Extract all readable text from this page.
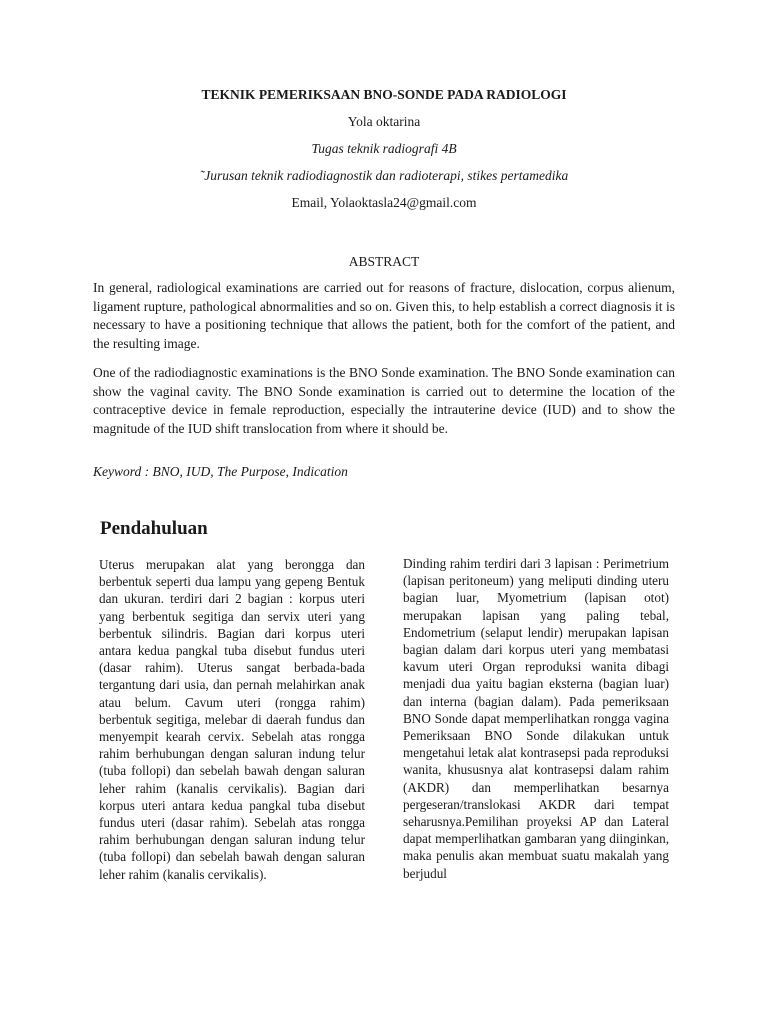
TEKNIK PEMERIKSAAN BNO-SONDE PADA RADIOLOGI
Yola oktarina
Tugas teknik radiografi 4B
˜Jurusan teknik radiodiagnostik dan radioterapi, stikes pertamedika
Email, Yolaoktasla24@gmail.com
ABSTRACT

In general, radiological examinations are carried out for reasons of fracture, dislocation, corpus alienum, ligament rupture, pathological abnormalities and so on. Given this, to help establish a correct diagnosis it is necessary to have a positioning technique that allows the patient, both for the comfort of the patient, and the resulting image.

One of the radiodiagnostic examinations is the BNO Sonde examination. The BNO Sonde examination can show the vaginal cavity. The BNO Sonde examination is carried out to determine the location of the contraceptive device in female reproduction, especially the intrauterine device (IUD) and to show the magnitude of the IUD shift translocation from where it should be.

Keyword : BNO, IUD, The Purpose, Indication
Pendahuluan

Uterus merupakan alat yang berongga dan berbentuk seperti dua lampu yang gepeng Bentuk dan ukuran. terdiri dari 2 bagian : korpus uteri yang berbentuk segitiga dan servix uteri yang berbentuk silindris. Bagian dari korpus uteri antara kedua pangkal tuba disebut fundus uteri (dasar rahim). Uterus sangat berbada-bada tergantung dari usia, dan pernah melahirkan anak atau belum. Cavum uteri (rongga rahim) berbentuk segitiga, melebar di daerah fundus dan menyempit kearah cervix. Sebelah atas rongga rahim berhubungan dengan saluran indung telur (tuba follopi) dan sebelah bawah dengan saluran leher rahim (kanalis cervikalis). Bagian dari korpus uteri antara kedua pangkal tuba disebut fundus uteri (dasar rahim). Sebelah atas rongga rahim berhubungan dengan saluran indung telur (tuba follopi) dan sebelah bawah dengan saluran leher rahim (kanalis cervikalis).

Dinding rahim terdiri dari 3 lapisan : Perimetrium (lapisan peritoneum) yang meliputi dinding uteru bagian luar, Myometrium (lapisan otot) merupakan lapisan yang paling tebal, Endometrium (selaput lendir) merupakan lapisan bagian dalam dari korpus uteri yang membatasi kavum uteri Organ reproduksi wanita dibagi menjadi dua yaitu bagian eksterna (bagian luar) dan interna (bagian dalam). Pada pemeriksaan BNO Sonde dapat memperlihatkan rongga vagina Pemeriksaan BNO Sonde dilakukan untuk mengetahui letak alat kontrasepsi pada reproduksi wanita, khususnya alat kontrasepsi dalam rahim (AKDR) dan memperlihatkan besarnya pergeseran/translokasi AKDR dari tempat seharusnya.Pemilihan proyeksi AP dan Lateral dapat memperlihatkan gambaran yang diinginkan, maka penulis akan membuat suatu makalah yang berjudul
